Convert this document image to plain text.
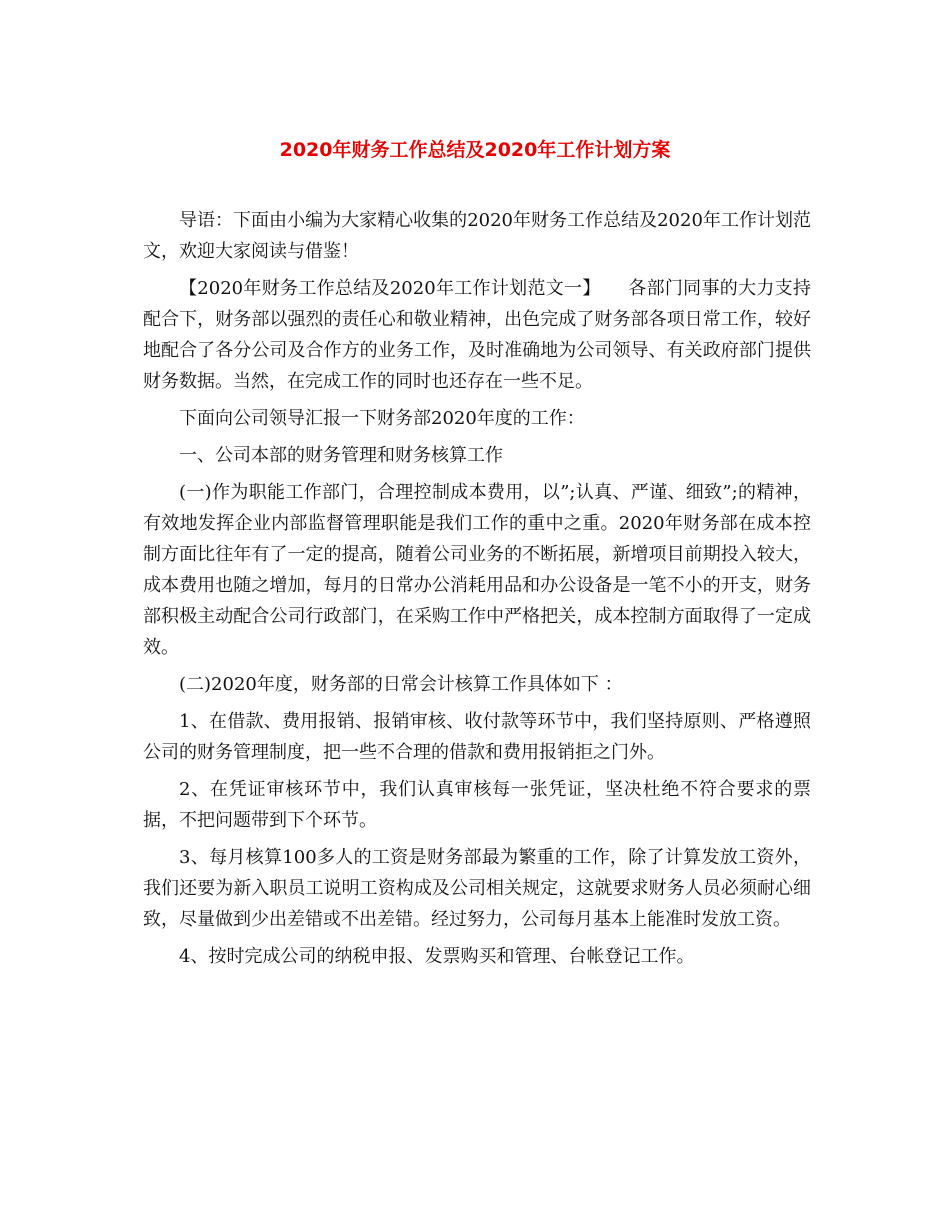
2020年财务工作总结及2020年工作计划方案

导语：下面由小编为大家精心收集的2020年财务工作总结及2020年工作计划范文，欢迎大家阅读与借鉴！

【2020年财务工作总结及2020年工作计划范文一】　　各部门同事的大力支持配合下，财务部以强烈的责任心和敬业精神，出色完成了财务部各项日常工作，较好地配合了各分公司及合作方的业务工作，及时准确地为公司领导、有关政府部门提供财务数据。当然，在完成工作的同时也还存在一些不足。

下面向公司领导汇报一下财务部2020年度的工作：

一、公司本部的财务管理和财务核算工作

(一)作为职能工作部门，合理控制成本费用，以”;认真、严谨、细致”;的精神，有效地发挥企业内部监督管理职能是我们工作的重中之重。2020年财务部在成本控制方面比往年有了一定的提高，随着公司业务的不断拓展，新增项目前期投入较大，成本费用也随之增加，每月的日常办公消耗用品和办公设备是一笔不小的开支，财务部积极主动配合公司行政部门，在采购工作中严格把关，成本控制方面取得了一定成效。

(二)2020年度，财务部的日常会计核算工作具体如下 ：

1、在借款、费用报销、报销审核、收付款等环节中，我们坚持原则、严格遵照公司的财务管理制度，把一些不合理的借款和费用报销拒之门外。

2、在凭证审核环节中，我们认真审核每一张凭证，坚决杜绝不符合要求的票据，不把问题带到下个环节。

3、每月核算100多人的工资是财务部最为繁重的工作，除了计算发放工资外，我们还要为新入职员工说明工资构成及公司相关规定，这就要求财务人员必须耐心细致，尽量做到少出差错或不出差错。经过努力，公司每月基本上能准时发放工资。

4、按时完成公司的纳税申报、发票购买和管理、台帐登记工作。
